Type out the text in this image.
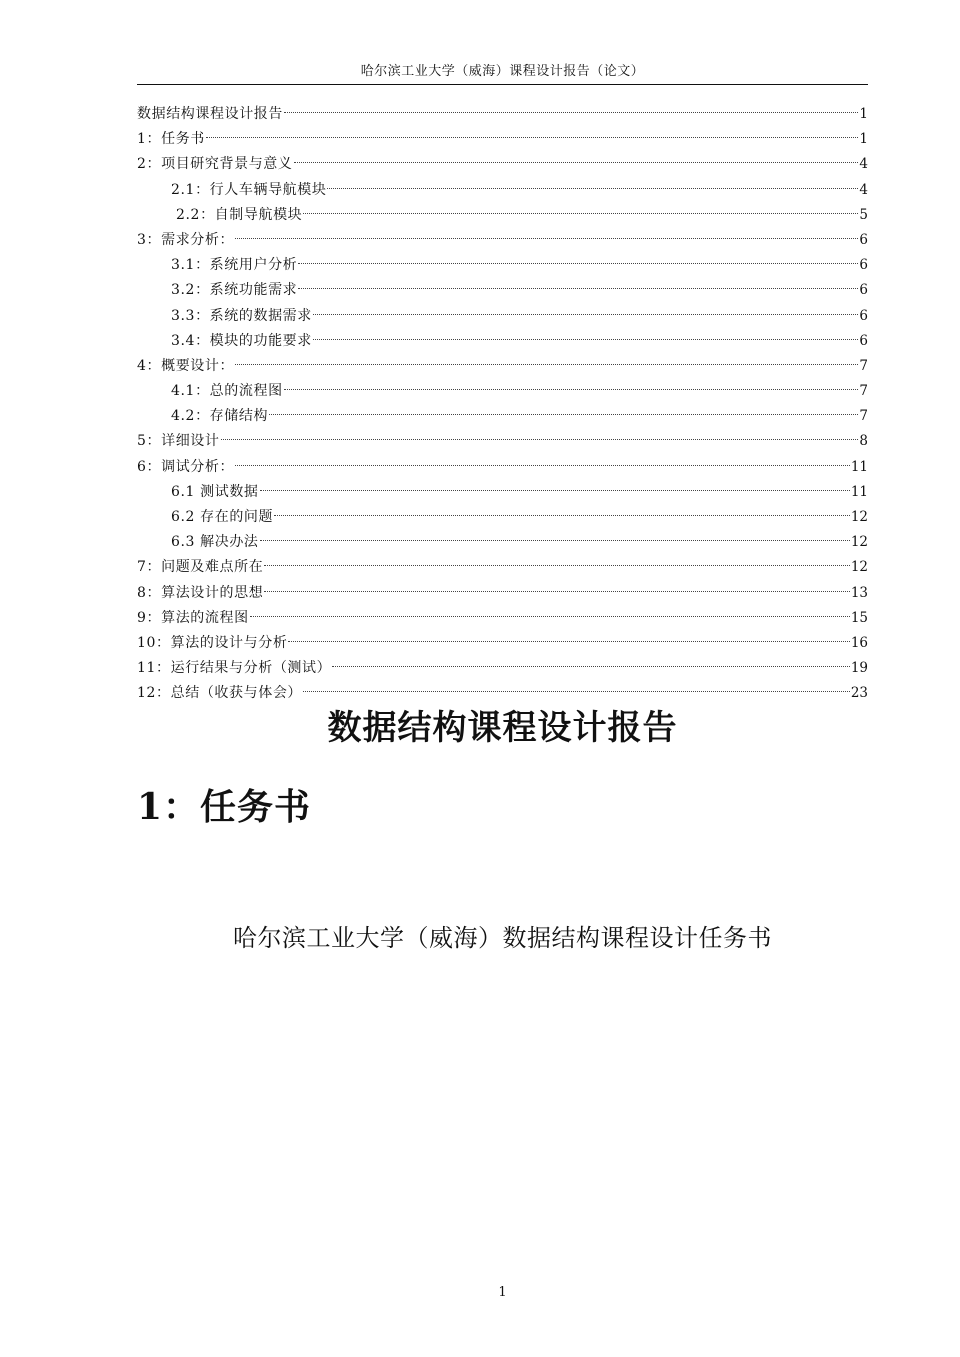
哈尔滨工业大学（威海）课程设计报告（论文）
数据结构课程设计报告	1
1：任务书	1
2：项目研究背景与意义	4
2.1：行人车辆导航模块	4
2.2：自制导航模块	5
3：需求分析：	6
3.1：系统用户分析	6
3.2：系统功能需求	6
3.3：系统的数据需求	6
3.4：模块的功能要求	6
4：概要设计：	7
4.1：总的流程图	7
4.2：存储结构	7
5：详细设计	8
6：调试分析：	11
6.1 测试数据	11
6.2 存在的问题	12
6.3 解决办法	12
7：问题及难点所在	12
8：算法设计的思想	13
9：算法的流程图	15
10：算法的设计与分析	16
11：运行结果与分析（测试）	19
12：总结（收获与体会）	23
数据结构课程设计报告
1：任务书
哈尔滨工业大学（威海）数据结构课程设计任务书
1
